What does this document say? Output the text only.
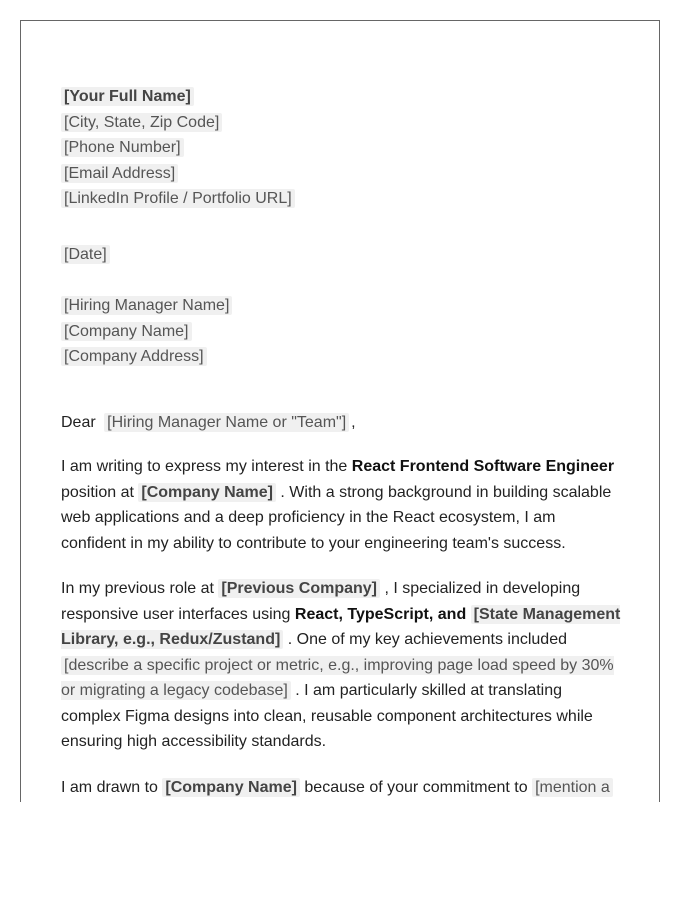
[Your Full Name]
[City, State, Zip Code]
[Phone Number]
[Email Address]
[LinkedIn Profile / Portfolio URL]
[Date]
[Hiring Manager Name]
[Company Name]
[Company Address]
Dear [Hiring Manager Name or "Team"] ,

I am writing to express my interest in the React Frontend Software Engineer position at [Company Name] . With a strong background in building scalable web applications and a deep proficiency in the React ecosystem, I am confident in my ability to contribute to your engineering team's success.

In my previous role at [Previous Company] , I specialized in developing responsive user interfaces using React, TypeScript, and [State Management Library, e.g., Redux/Zustand] . One of my key achievements included [describe a specific project or metric, e.g., improving page load speed by 30% or migrating a legacy codebase] . I am particularly skilled at translating complex Figma designs into clean, reusable component architectures while ensuring high accessibility standards.

I am drawn to [Company Name] because of your commitment to [mention a
